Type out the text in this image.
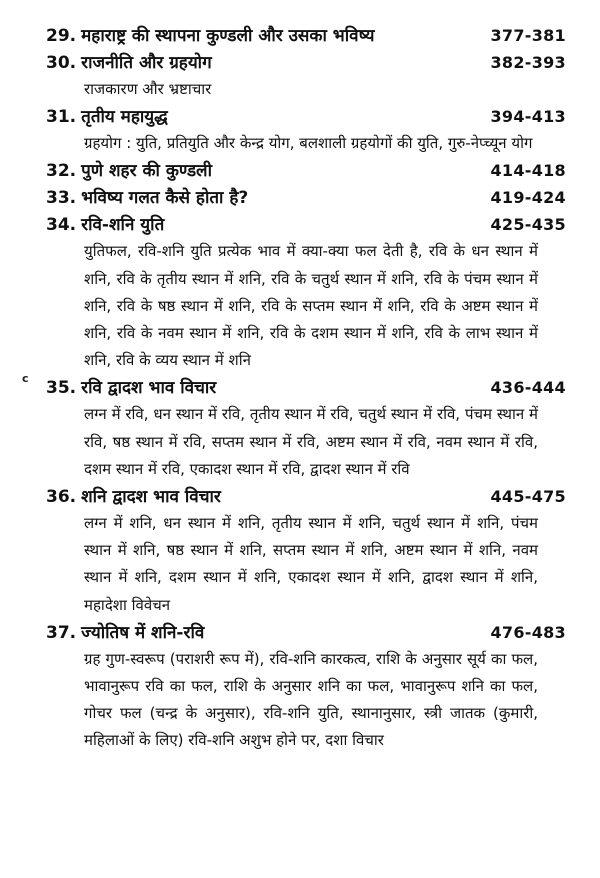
c
29. महाराष्ट्र की स्थापना कुण्डली और उसका भविष्य	377-381
30. राजनीति और ग्रहयोग	382-393
राजकारण और भ्रष्टाचार
31. तृतीय महायुद्ध	394-413
ग्रहयोग : युति, प्रतियुति और केन्द्र योग, बलशाली ग्रहयोगों की युति, गुरु-नेप्च्यून योग
32. पुणे शहर की कुण्डली	414-418
33. भविष्य गलत कैसे होता है?	419-424
34. रवि-शनि युति	425-435
युतिफल, रवि-शनि युति प्रत्येक भाव में क्या-क्या फल देती है, रवि के धन स्थान में शनि, रवि के तृतीय स्थान में शनि, रवि के चतुर्थ स्थान में शनि, रवि के पंचम स्थान में शनि, रवि के षष्ठ स्थान में शनि, रवि के सप्तम स्थान में शनि, रवि के अष्टम स्थान में शनि, रवि के नवम स्थान में शनि, रवि के दशम स्थान में शनि, रवि के लाभ स्थान में शनि, रवि के व्यय स्थान में शनि
35. रवि द्वादश भाव विचार	436-444
लग्न में रवि, धन स्थान में रवि, तृतीय स्थान में रवि, चतुर्थ स्थान में रवि, पंचम स्थान में रवि, षष्ठ स्थान में रवि, सप्तम स्थान में रवि, अष्टम स्थान में रवि, नवम स्थान में रवि, दशम स्थान में रवि, एकादश स्थान में रवि, द्वादश स्थान में रवि
36. शनि द्वादश भाव विचार	445-475
लग्न में शनि, धन स्थान में शनि, तृतीय स्थान में शनि, चतुर्थ स्थान में शनि, पंचम स्थान में शनि, षष्ठ स्थान में शनि, सप्तम स्थान में शनि, अष्टम स्थान में शनि, नवम स्थान में शनि, दशम स्थान में शनि, एकादश स्थान में शनि, द्वादश स्थान में शनि, महादेशा विवेचन
37. ज्योतिष में शनि-रवि	476-483
ग्रह गुण-स्वरूप (पराशरी रूप में), रवि-शनि कारकत्व, राशि के अनुसार सूर्य का फल, भावानुरूप रवि का फल, राशि के अनुसार शनि का फल, भावानुरूप शनि का फल, गोचर फल (चन्द्र के अनुसार), रवि-शनि युति, स्थानानुसार, स्त्री जातक (कुमारी, महिलाओं के लिए) रवि-शनि अशुभ होने पर, दशा विचार
